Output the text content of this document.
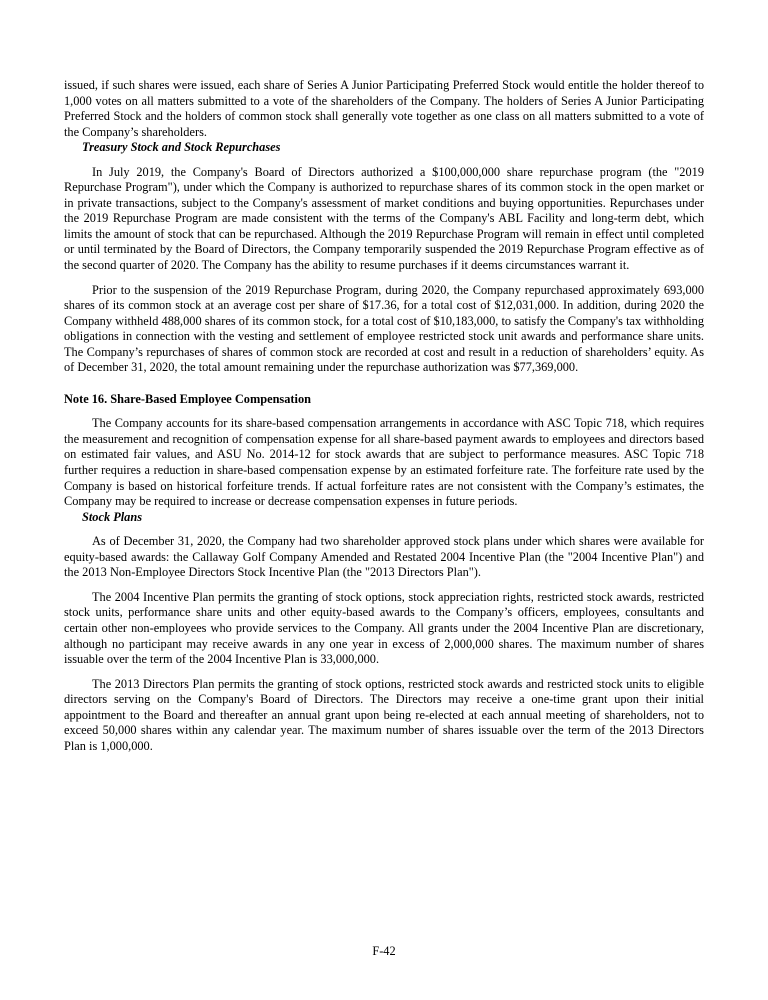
issued, if such shares were issued, each share of Series A Junior Participating Preferred Stock would entitle the holder thereof to 1,000 votes on all matters submitted to a vote of the shareholders of the Company. The holders of Series A Junior Participating Preferred Stock and the holders of common stock shall generally vote together as one class on all matters submitted to a vote of the Company’s shareholders.

Treasury Stock and Stock Repurchases

In July 2019, the Company's Board of Directors authorized a $100,000,000 share repurchase program (the "2019 Repurchase Program"), under which the Company is authorized to repurchase shares of its common stock in the open market or in private transactions, subject to the Company's assessment of market conditions and buying opportunities. Repurchases under the 2019 Repurchase Program are made consistent with the terms of the Company's ABL Facility and long-term debt, which limits the amount of stock that can be repurchased. Although the 2019 Repurchase Program will remain in effect until completed or until terminated by the Board of Directors, the Company temporarily suspended the 2019 Repurchase Program effective as of the second quarter of 2020. The Company has the ability to resume purchases if it deems circumstances warrant it.

Prior to the suspension of the 2019 Repurchase Program, during 2020, the Company repurchased approximately 693,000 shares of its common stock at an average cost per share of $17.36, for a total cost of $12,031,000. In addition, during 2020 the Company withheld 488,000 shares of its common stock, for a total cost of $10,183,000, to satisfy the Company's tax withholding obligations in connection with the vesting and settlement of employee restricted stock unit awards and performance share units. The Company’s repurchases of shares of common stock are recorded at cost and result in a reduction of shareholders’ equity. As of December 31, 2020, the total amount remaining under the repurchase authorization was $77,369,000.

Note 16. Share-Based Employee Compensation

The Company accounts for its share-based compensation arrangements in accordance with ASC Topic 718, which requires the measurement and recognition of compensation expense for all share-based payment awards to employees and directors based on estimated fair values, and ASU No. 2014-12 for stock awards that are subject to performance measures. ASC Topic 718 further requires a reduction in share-based compensation expense by an estimated forfeiture rate. The forfeiture rate used by the Company is based on historical forfeiture trends. If actual forfeiture rates are not consistent with the Company’s estimates, the Company may be required to increase or decrease compensation expenses in future periods.

Stock Plans

As of December 31, 2020, the Company had two shareholder approved stock plans under which shares were available for equity-based awards: the Callaway Golf Company Amended and Restated 2004 Incentive Plan (the "2004 Incentive Plan") and the 2013 Non-Employee Directors Stock Incentive Plan (the "2013 Directors Plan").

The 2004 Incentive Plan permits the granting of stock options, stock appreciation rights, restricted stock awards, restricted stock units, performance share units and other equity-based awards to the Company’s officers, employees, consultants and certain other non-employees who provide services to the Company. All grants under the 2004 Incentive Plan are discretionary, although no participant may receive awards in any one year in excess of 2,000,000 shares. The maximum number of shares issuable over the term of the 2004 Incentive Plan is 33,000,000.

The 2013 Directors Plan permits the granting of stock options, restricted stock awards and restricted stock units to eligible directors serving on the Company's Board of Directors. The Directors may receive a one-time grant upon their initial appointment to the Board and thereafter an annual grant upon being re-elected at each annual meeting of shareholders, not to exceed 50,000 shares within any calendar year. The maximum number of shares issuable over the term of the 2013 Directors Plan is 1,000,000.

F-42
